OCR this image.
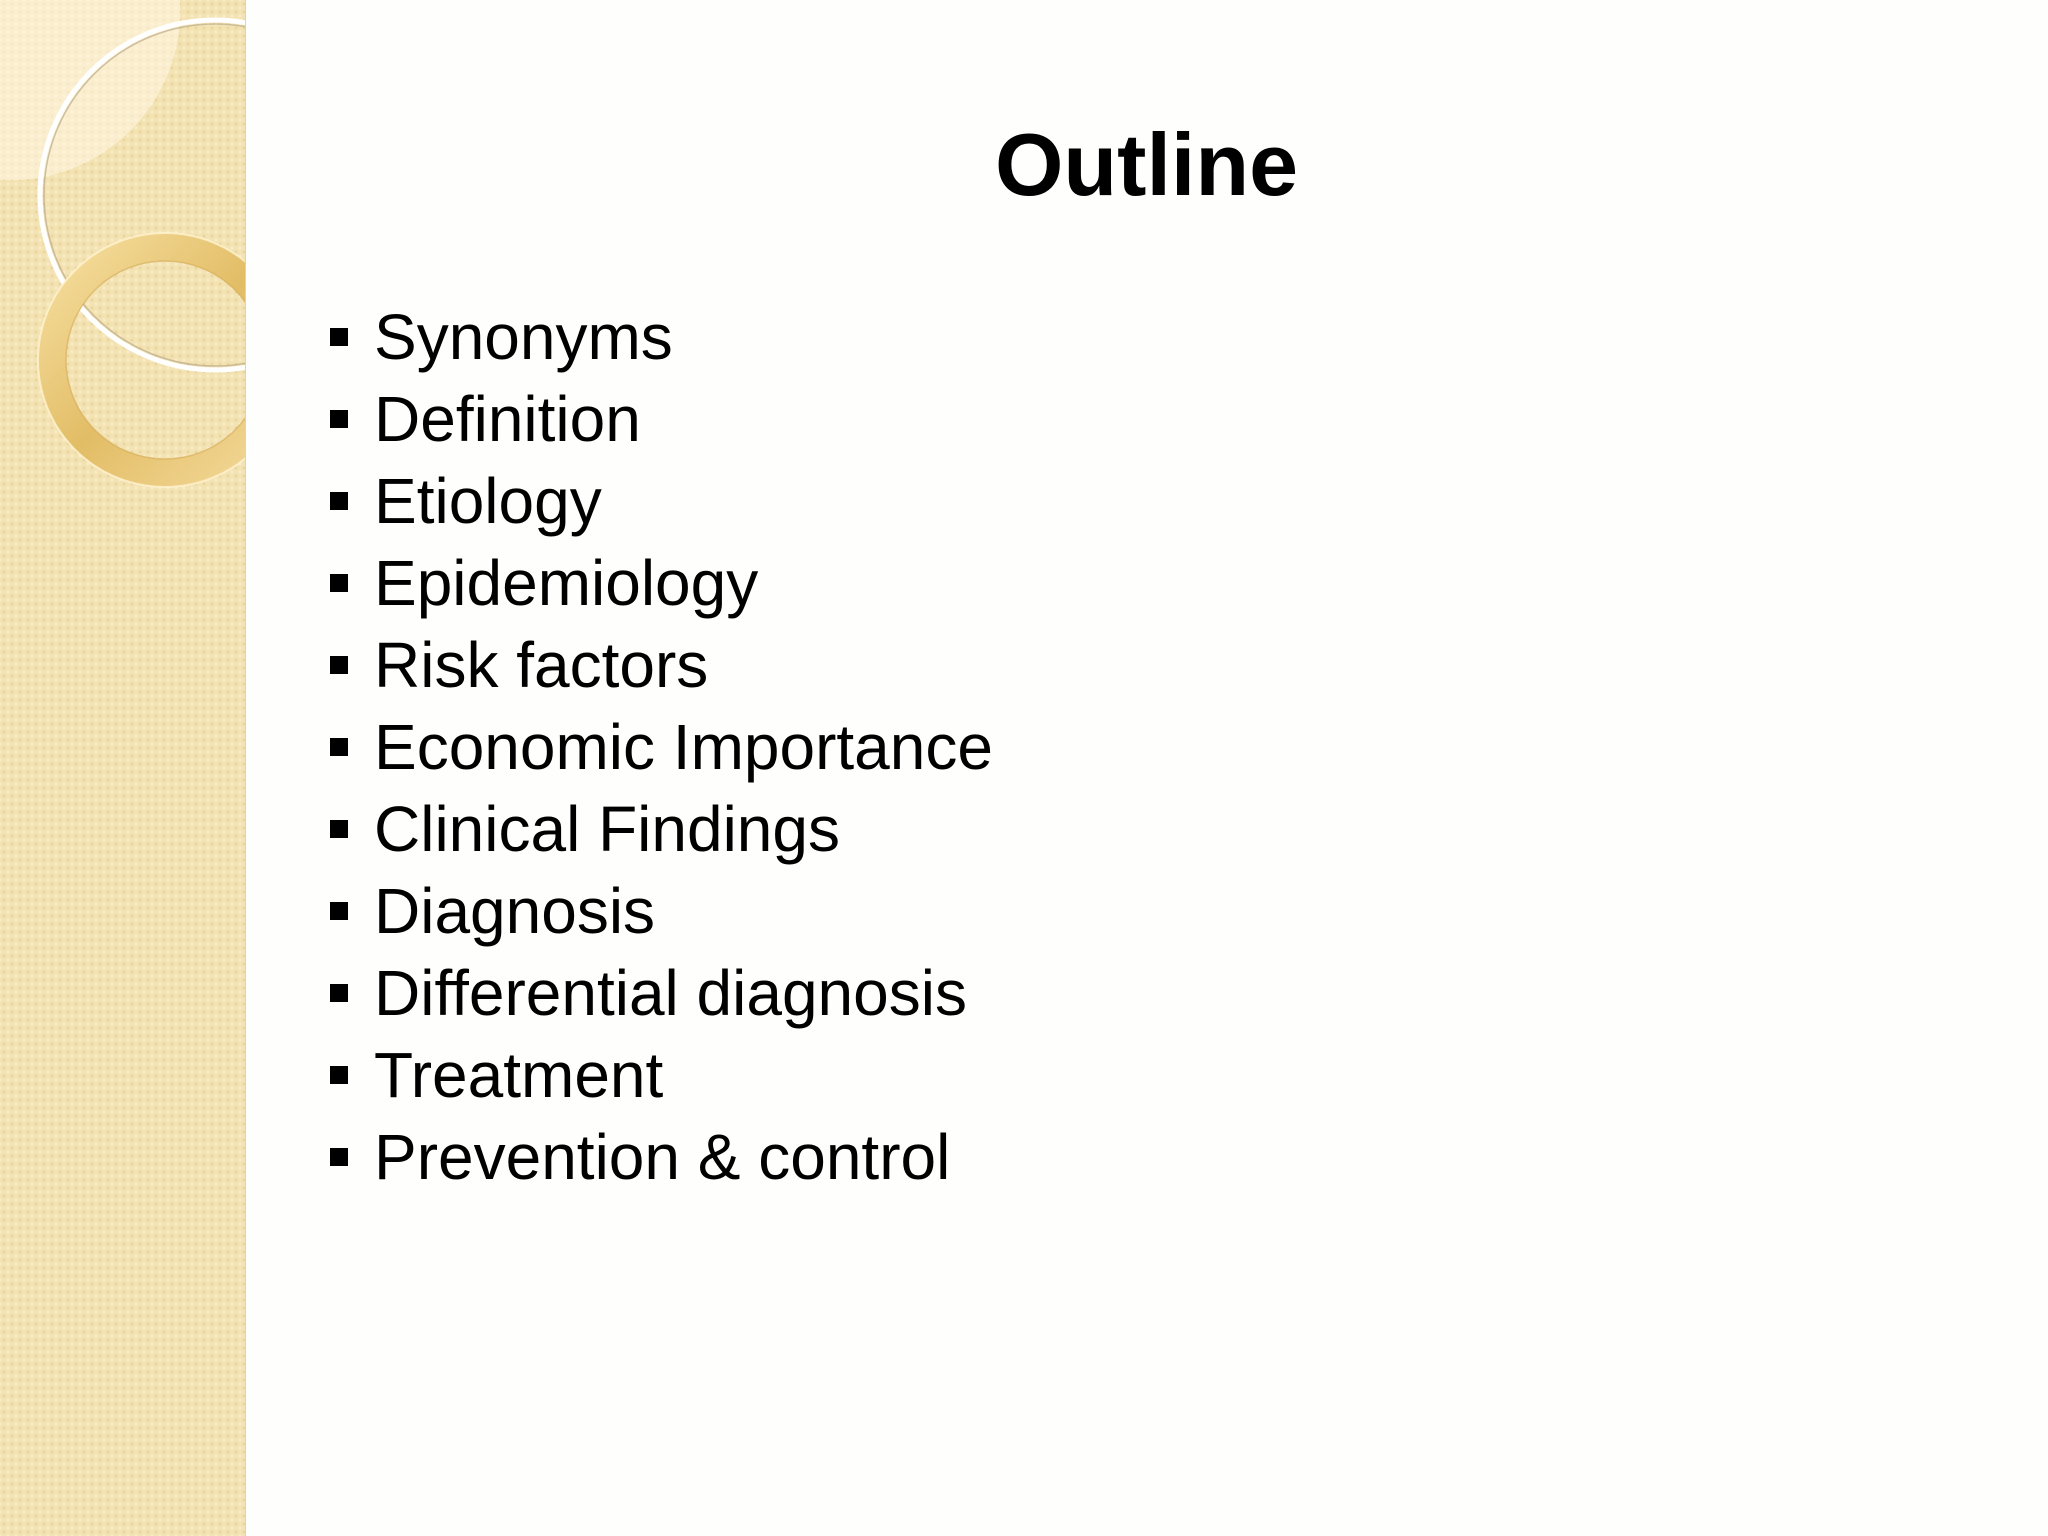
Outline
Synonyms
Definition
Etiology
Epidemiology
Risk factors
Economic Importance
Clinical Findings
Diagnosis
Differential diagnosis
Treatment
Prevention & control
